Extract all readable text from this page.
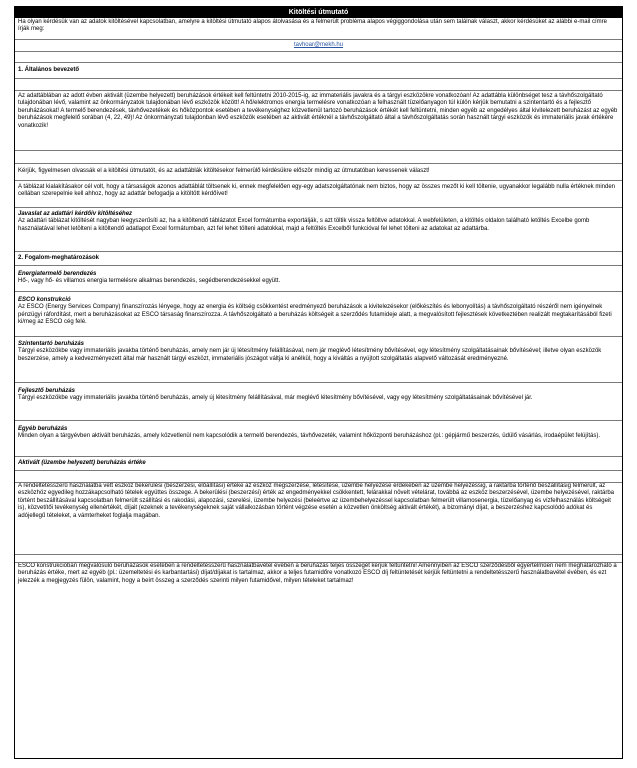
Kitöltési útmutató

Ha olyan kérdésük van az adatok kitöltésével kapcsolatban, amelyre a kitöltési útmutató alapos átolvasása és a felmerült probléma alapos végiggondolása után sem találnak választ, akkor kérdésüket az alábbi e-mail címre írják meg:

tavhoar@mekh.hu
1. Általános bevezető

Az adattáblában az adott évben aktivált (üzembe helyezett) beruházások értékeit kell feltüntetni 2010-2015-ig, az immateriális javakra és a tárgyi eszközökre vonatkozóan! Az adattábla különbséget tesz a távhőszolgáltató tulajdonában lévő, valamint az önkormányzatok tulajdonában lévő eszközök között! A hő/elektromos energia termelésre vonatkozóan a felhasznált tüzelőanyagon túl külön kérjük bemutatni a szintentartó és a fejlesztő beruházásokat! A termelő berendezések, távhővezetékek és hőközpontok esetében a tevékenységhez közvetlenül tartozó beruházások értékét kell feltüntetni, minden egyéb az engedélyes által kivitelezett beruházást az egyéb beruházások megfelelő sorában (4, 22, 49)! Az önkormányzati tulajdonban lévő eszközök esetében az aktivált értéknél a távhőszolgáltató által a távhőszolgáltatás során használt tárgyi eszközök és immateriális javak értékére vonatkozik!

Kérjük, figyelmesen olvassák el a kitöltési útmutatót, és az adattáblák kitöltésekor felmerülő kérdésükre először mindig az útmutatóban keressenek választ!

A táblázat kialakításakor cél volt, hogy a társaságok azonos adattáblát töltsenek ki, ennek megfelelően egy-egy adatszolgáltatónak nem biztos, hogy az összes mezőt ki kell töltenie, ugyanakkor legalább nulla értéknek minden cellában szerepelnie kell ahhoz, hogy az adattár befogadja a kitöltött kérdőívet!

Javaslat az adattári kérdőív kitöltéséhez

Az adattári táblázat kitöltését nagyban leegyszerűsíti az, ha a kitöltendő táblázatot Excel formátumba exportálják, s azt töltik vissza feltöltve adatokkal. A webfelületen, a kitöltés oldalon található letöltés Excelbe gomb használatával lehet letölteni a kitöltendő adatlapot Excel formátumban, azt fel lehet tölteni adatokkal, majd a feltöltés Excelből funkcióval fel lehet tölteni az adatokat az adattárba.

2. Fogalom-meghatározások

Energiatermelő berendezés

Hő-, vagy hő- és villamos energia termelésre alkalmas berendezés, segédberendezésekkel együtt.

ESCO konstrukció

Az ESCO (Energy Services Company) finanszírozás lényege, hogy az energia és költség csökkentést eredményező beruházások a kivitelezésekor (előkészítés és lebonyolítás) a távhőszolgáltató részéről nem igényelnek pénzügyi ráfordítást, mert a beruházásokat az ESCO társaság finanszírozza. A távhőszolgáltató a beruházás költségeit a szerződés futamideje alatt, a megvalósított fejlesztések következtében realizált megtakarításából fizeti ki/meg az ESCO cég felé.

Szintentartó beruházás

Tárgyi eszközökbe vagy immateriális javakba történő beruházás, amely nem jár új létesítmény felállításával, nem jár meglévő létesítmény bővítésével, egy létesítmény szolgáltatásainak bővítésével; illetve olyan eszközök beszerzése, amely a kedvezményezett által már használt tárgyi eszközt, immateriális jószágot váltja ki anélkül, hogy a kiváltás a nyújtott szolgáltatás alapvető változását eredményezné.

Fejlesztő beruházás

Tárgyi eszközökbe vagy immateriális javakba történő beruházás, amely új létesítmény felállításával, már meglévő létesítmény bővítésével, vagy egy létesítmény szolgáltatásainak bővítésével jár.

Egyéb beruházás

Minden olyan a tárgyévben aktivált beruházás, amely közvetlenül nem kapcsolódik a termelő berendezés, távhővezeték, valamint hőközponti beruházáshoz (pl.: gépjármű beszerzés, üdülő vásárlás, irodaépület felújítás).

Aktivált (üzembe helyezett) beruházás értéke

A rendeltetésszerű használatba vett eszköz bekerülési (beszerzési, előállítási) értéke az eszköz megszerzése, létesítése, üzembe helyezése érdekében az üzembe helyezéssig, a raktárba történő beszállításig felmerült, az eszközhöz egyedileg hozzákapcsolható tételek együttes összege. A bekerülési (beszerzési) érték az engedményekkel csökkentett, felárakkal növelt vételárat, továbbá az eszköz beszerzésével, üzembe helyezésével, raktárba történt beszállításával kapcsolatban felmerült szállítási és rakodási, alapozási, szerelési, üzembe helyezési (beleértve az üzembehelyezéssel kapcsolatban felmerült villamosenergia, tüzelőanyag és vízfelhasználás költségeit is), közvetítői tevékenység ellenértékét, díjait (ezeknek a tevékenységeknek saját vállalkozásban történt végzése esetén a közvetlen önköltség aktivált értékét), a bizományi díjat, a beszerzéshez kapcsolódó adókat és adójellegű tételeket, a vámterheket foglalja magában.

ESCO konstrukcióban megvalósuló beruházások esetében a rendeltetésszerű használatbavétel évében a beruházás teljes összegét kérjük feltüntetni! Amennyiben az ESCO szerződésből egyértelműen nem meghatározható a beruházás értéke, mert az egyéb (pl.: üzemeltetési és karbantartási) díjat/díjakat is tartalmaz, akkor a teljes futamidőre vonatkozó ESCO díj feltüntetését kérjük feltüntetni a rendeltetésszerű használatbavétel évében, és ezt jelezzék a megjegyzés fülön, valamint, hogy a beírt összeg a szerződés szerinti milyen futamidővel, milyen tételeket tartalmaz!
